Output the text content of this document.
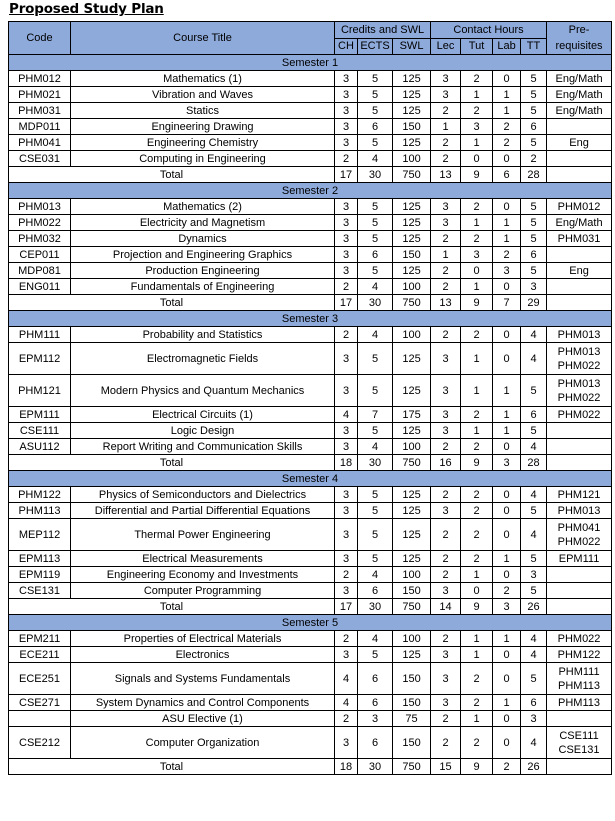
Proposed Study Plan
Code	Course Title	Credits and SWL			Contact Hours				Pre-
requisites
		CH	ECTS	SWL	Lec	Tut	Lab	TT	
Semester 1									
PHM012	Mathematics (1)	3	5	125	3	2	0	5	Eng/Math
PHM021	Vibration and Waves	3	5	125	3	1	1	5	Eng/Math
PHM031	Statics	3	5	125	2	2	1	5	Eng/Math
MDP011	Engineering Drawing	3	6	150	1	3	2	6	
PHM041	Engineering Chemistry	3	5	125	2	1	2	5	Eng
CSE031	Computing in Engineering	2	4	100	2	0	0	2	
Total		17	30	750	13	9	6	28	
Semester 2									
PHM013	Mathematics (2)	3	5	125	3	2	0	5	PHM012
PHM022	Electricity and Magnetism	3	5	125	3	1	1	5	Eng/Math
PHM032	Dynamics	3	5	125	2	2	1	5	PHM031
CEP011	Projection and Engineering Graphics	3	6	150	1	3	2	6	
MDP081	Production Engineering	3	5	125	2	0	3	5	Eng
ENG011	Fundamentals of Engineering	2	4	100	2	1	0	3	
Total		17	30	750	13	9	7	29	
Semester 3									
PHM111	Probability and Statistics	2	4	100	2	2	0	4	PHM013
EPM112	Electromagnetic Fields	3	5	125	3	1	0	4	PHM013
PHM022
PHM121	Modern Physics and Quantum Mechanics	3	5	125	3	1	1	5	PHM013
PHM022
EPM111	Electrical Circuits (1)	4	7	175	3	2	1	6	PHM022
CSE111	Logic Design	3	5	125	3	1	1	5	
ASU112	Report Writing and Communication Skills	3	4	100	2	2	0	4	
Total		18	30	750	16	9	3	28	
Semester 4									
PHM122	Physics of Semiconductors and Dielectrics	3	5	125	2	2	0	4	PHM121
PHM113	Differential and Partial Differential Equations	3	5	125	3	2	0	5	PHM013
MEP112	Thermal Power Engineering	3	5	125	2	2	0	4	PHM041
PHM022
EPM113	Electrical Measurements	3	5	125	2	2	1	5	EPM111
EPM119	Engineering Economy and Investments	2	4	100	2	1	0	3	
CSE131	Computer Programming	3	6	150	3	0	2	5	
Total		17	30	750	14	9	3	26	
Semester 5									
EPM211	Properties of Electrical Materials	2	4	100	2	1	1	4	PHM022
ECE211	Electronics	3	5	125	3	1	0	4	PHM122
ECE251	Signals and Systems Fundamentals	4	6	150	3	2	0	5	PHM111
PHM113
CSE271	System Dynamics and Control Components	4	6	150	3	2	1	6	PHM113
	ASU Elective (1)	2	3	75	2	1	0	3	
CSE212	Computer Organization	3	6	150	2	2	0	4	CSE111
CSE131
Total		18	30	750	15	9	2	26	
